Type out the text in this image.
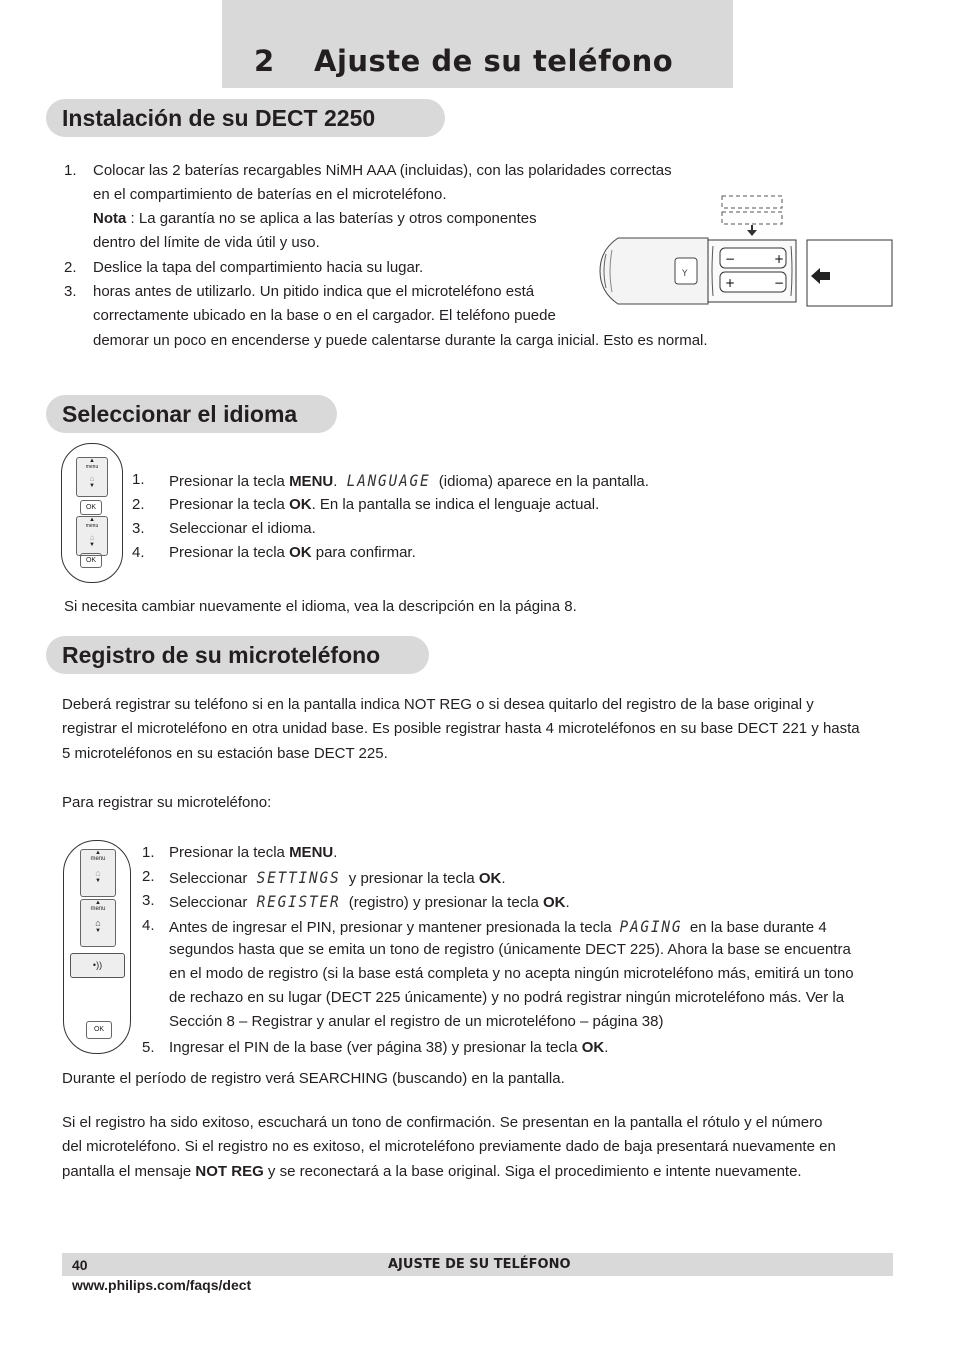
2 Ajuste de su teléfono
Instalación de su DECT 2250
1. Colocar las 2 baterías recargables NiMH AAA (incluidas), con las polaridades correctas
en el compartimiento de baterías en el microteléfono.
Nota : La garantía no se aplica a las baterías y otros componentes
dentro del límite de vida útil y uso.
2. Deslice la tapa del compartimiento hacia su lugar.
3. horas antes de utilizarlo. Un pitido indica que el microteléfono está
correctamente ubicado en la base o en el cargador. El teléfono puede
demorar un poco en encenderse y puede calentarse durante la carga inicial. Esto es normal.
Y
−	+
+	−
Seleccionar el idioma
▲
menu
⌂
▼
OK
▲
menu
⌂
▼
OK
1. Presionar la tecla MENU. LANGUAGE (idioma) aparece en la pantalla.
2. Presionar la tecla OK. En la pantalla se indica el lenguaje actual.
3. Seleccionar el idioma.
4. Presionar la tecla OK para confirmar.
Si necesita cambiar nuevamente el idioma, vea la descripción en la página 8.
Registro de su microteléfono
Deberá registrar su teléfono si en la pantalla indica NOT REG o si desea quitarlo del registro de la base original y
registrar el microteléfono en otra unidad base. Es posible registrar hasta 4 microteléfonos en su base DECT 221 y hasta
5 microteléfonos en su estación base DECT 225.
Para registrar su microteléfono:
▲
menu
⌂
▼
▲
menu
⌂
▼
•))
OK
1. Presionar la tecla MENU.
2. Seleccionar SETTINGS y presionar la tecla OK.
3. Seleccionar REGISTER (registro) y presionar la tecla OK.
4. Antes de ingresar el PIN, presionar y mantener presionada la tecla PAGING en la base durante 4
segundos hasta que se emita un tono de registro (únicamente DECT 225). Ahora la base se encuentra
en el modo de registro (si la base está completa y no acepta ningún microteléfono más, emitirá un tono
de rechazo en su lugar (DECT 225 únicamente) y no podrá registrar ningún microteléfono más. Ver la
Sección 8 – Registrar y anular el registro de un microteléfono – página 38)
5. Ingresar el PIN de la base (ver página 38) y presionar la tecla OK.
Durante el período de registro verá SEARCHING (buscando) en la pantalla.
Si el registro ha sido exitoso, escuchará un tono de confirmación. Se presentan en la pantalla el rótulo y el número
del microteléfono. Si el registro no es exitoso, el microteléfono previamente dado de baja presentará nuevamente en
pantalla el mensaje NOT REG y se reconectará a la base original. Siga el procedimiento e intente nuevamente.
40	AJUSTE DE SU TELÉFONO
www.philips.com/faqs/dect
